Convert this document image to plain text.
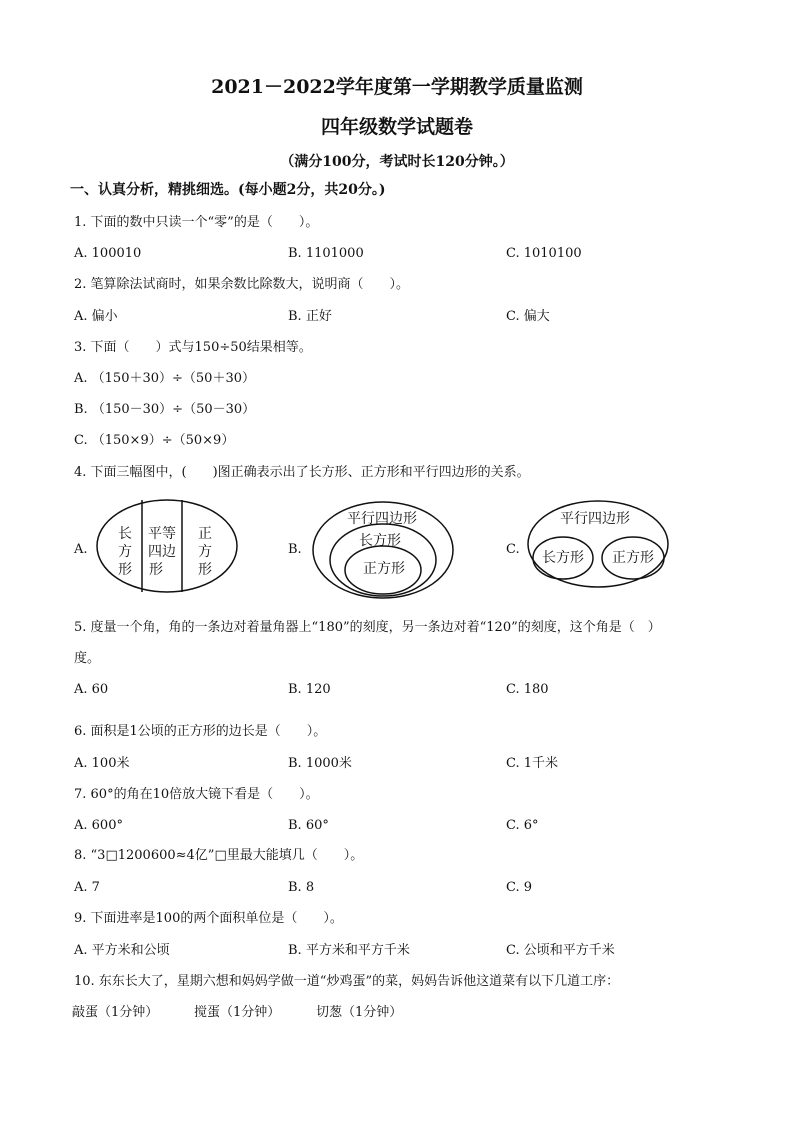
2021－2022学年度第一学期教学质量监测
四年级数学试题卷
（满分100分，考试时长120分钟。）
一、认真分析，精挑细选。(每小题2分，共20分。)
1. 下面的数中只读一个“零”的是（　　）。
A. 100010	B. 1101000	C. 1010100
2. 笔算除法试商时，如果余数比除数大，说明商（　　）。
A. 偏小	B. 正好	C. 偏大
3. 下面（　　）式与150÷50结果相等。
A. （150＋30）÷（50＋30）
B. （150－30）÷（50－30）
C. （150×9）÷（50×9）
4. 下面三幅图中，(　　)图正确表示出了长方形、正方形和平行四边形的关系。
A.	B.	C.
长
方
形
平等
四边
形
正
方
形
平行四边形
长方形
正方形
平行四边形
长方形 正方形
5. 度量一个角，角的一条边对着量角器上“180”的刻度，另一条边对着“120”的刻度，这个角是（　）
度。
A. 60	B. 120	C. 180
6. 面积是1公顷的正方形的边长是（　　）。
A. 100米	B. 1000米	C. 1千米
7. 60°的角在10倍放大镜下看是（　　）。
A. 600°	B. 60°	C. 6°
8. “3□1200600≈4亿”□里最大能填几（　　）。
A. 7	B. 8	C. 9
9. 下面进率是100的两个面积单位是（　　）。
A. 平方米和公顷	B. 平方米和平方千米	C. 公顷和平方千米
10. 东东长大了，星期六想和妈妈学做一道“炒鸡蛋”的菜，妈妈告诉他这道菜有以下几道工序：
敲蛋（1分钟）	搅蛋（1分钟）	切葱（1分钟）
